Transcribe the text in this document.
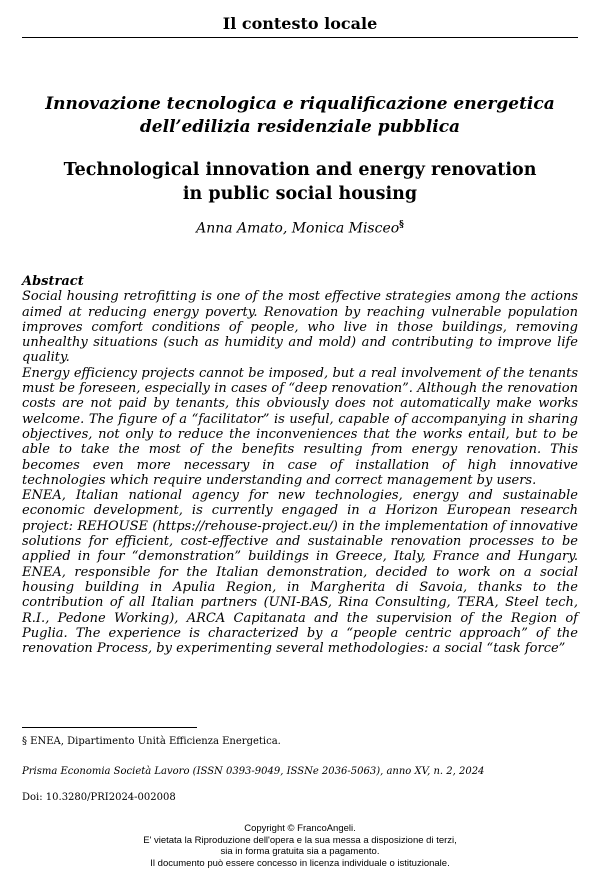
Il contesto locale
Innovazione tecnologica e riqualificazione energetica
dell’edilizia residenziale pubblica
Technological innovation and energy renovation
in public social housing
Anna Amato, Monica Misceo§

Abstract

Social housing retrofitting is one of the most effective strategies among the actions aimed at reducing energy poverty. Renovation by reaching vulnerable population improves comfort conditions of people, who live in those buildings, removing unhealthy situations (such as humidity and mold) and contributing to improve life quality.

Energy efficiency projects cannot be imposed, but a real involvement of the tenants must be foreseen, especially in cases of “deep renovation”. Although the renovation costs are not paid by tenants, this obviously does not automatically make works welcome. The figure of a “facilitator” is useful, capable of accompanying in sharing objectives, not only to reduce the inconveniences that the works entail, but to be able to take the most of the benefits resulting from energy renovation. This becomes even more necessary in case of installation of high innovative technologies which require understanding and correct management by users.

ENEA, Italian national agency for new technologies, energy and sustainable economic development, is currently engaged in a Horizon European research project: REHOUSE (https://rehouse-project.eu/) in the implementation of innovative solutions for efficient, cost-effective and sustainable renovation processes to be applied in four “demonstration” buildings in Greece, Italy, France and Hungary. ENEA, responsible for the Italian demonstration, decided to work on a social housing building in Apulia Region, in Margherita di Savoia, thanks to the contribution of all Italian partners (UNI-BAS, Rina Consulting, TERA, Steel tech, R.I., Pedone Working), ARCA Capitanata and the supervision of the Region of Puglia. The experience is characterized by a “people centric approach” of the renovation Process, by experimenting several methodologies: a social “task force”

§ ENEA, Dipartimento Unità Efficienza Energetica.
Prisma Economia Società Lavoro (ISSN 0393-9049, ISSNe 2036-5063), anno XV, n. 2, 2024
Doi: 10.3280/PRI2024-002008
Copyright © FrancoAngeli.
E' vietata la Riproduzione dell'opera e la sua messa a disposizione di terzi,
sia in forma gratuita sia a pagamento.
Il documento può essere concesso in licenza individuale o istituzionale.
